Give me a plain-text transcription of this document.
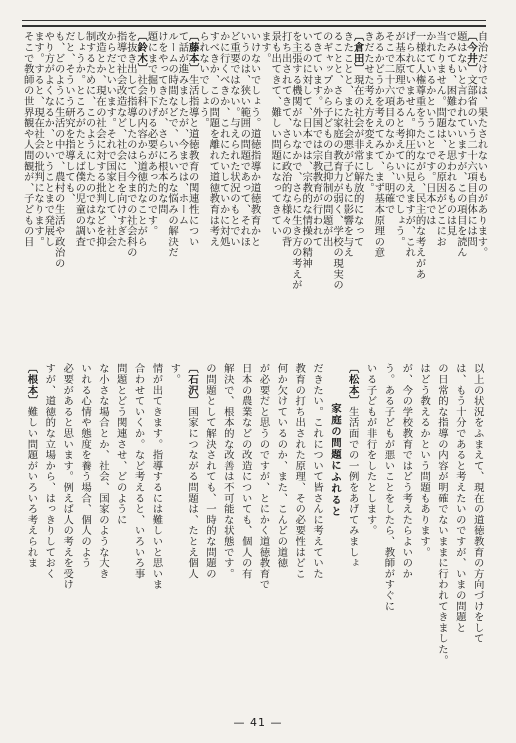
自治だけでは、果たされないものがあります。
〔 今井 〕文部省のいう二十六項目自体には問
題はないと言われていますが、この項目を読ん
でみても、困難でないと思われるものは見
当たりません。問題は、その原因がどこにお
かれているかということです。日本では
一様に人権尊重をうたいながら、民主的な考えがあ
げられていません。抑圧的に見えますが、これ
が基本原理であると考えていいのでしょう。
そこで二十六項目のなかから、明確で
あるかどうかを考えてみて、まず基本原理の意
きだたせた考え方を変えました。
〔 倉田 〕現在の社会が非常に解放的になって
きたことと、また社会悪が子どもに影響を与え
ることと、さらに家庭の教育力が弱く、学校の現実の
のギャップから子どもの自己抑制の問題が出
てきています。外国では宗教教育が行われて
いるのに対して、日本では、宗教的な情操の精神
を主張する機関がないなかで、さらに生き方の考えが
打ち出されてきて、さらに政治的な様々の背
景も出てきて、難しい問題になってきてい
ます。
いけないでしょう。道徳指導か道徳教育かと
いうのは、狭い範囲の問題であって、それほ
ど重要ではない。与えられた状況のもとでい
かに行くべきか、これにたいしていかに対処
すべきか、この問題を離れて道徳教育は考え
られないでしょう。
〔 藤本 〕生活指導と道徳教育の関連性につい
て話が進みましたが、今までは、ホーム
ルームの時間などで、いろいろな悩みの解決だ
けをやってきたが、さらに根本的な問
題にまで掘り下げる必要があったのです。
〔 鈴木 〕社会科の内容から道徳的なことがら
を抜き出して指導したのは、今までの社会科の
指導で社会改造など、社会に目を向けすぎた
からだといいます。それで国家として、社会
改造とか、現在の社会に対する批判などを抑
制するために、このようにしたのではないで
しょうか。ところがたとえば僕の児童の調査
だと、そういう研究を指導しても、
も、どのように生活の中で、農村の生活や政治の
やり方がよくなるか、ということまで発展し
ます。すると、現在社会の批判になります。
そこで教師の世界観や人間観が、子どもの目
以上の状況をふまえて、現在の道徳教育の方向づけをして
は、もう十分であると考えたいのですが、いまの問題と
の日常的な指導の内容が明確でないままに行われてきました。
はどう教えるかという問題もあります。
が、今の学校教育ではどう考えたらよいのか
う。ある子どもが悪いことをしたら、教師がすぐに
いる子どもが非行をしたとします。
〔 松本 〕生活面での一例をあげてみましょ
家庭の問題にふれると
だきたい。これについて皆さんに考えていた
教育の打ち出された原理、その必要性はどこ
何か欠けているのか、また、こんどの道徳
が必要だと思うのですが、とにかく道徳教育で
日本の農業などの改造についても、個人の有
解決で、根本的な改善は不可能な状態です。
の問題として解決されても、一時的な問題の
〔 石沢 〕国家につながる問題は、たとえ個人
す。
情が出てきます。指導するには難しいと思いま
合わせていくか。など考えると、いろいろ事
問題とどう関連させ、どのように
な小さな場合とか、社会、国家のような大き
いれる心情や態度を養う場合、個人のよう
必要があると思います。例えば人の考えを受け
すが、道徳的な立場から、はっきりしておく
〔 根本 〕難しい問題がいろいろ考えられま
— 41 —
